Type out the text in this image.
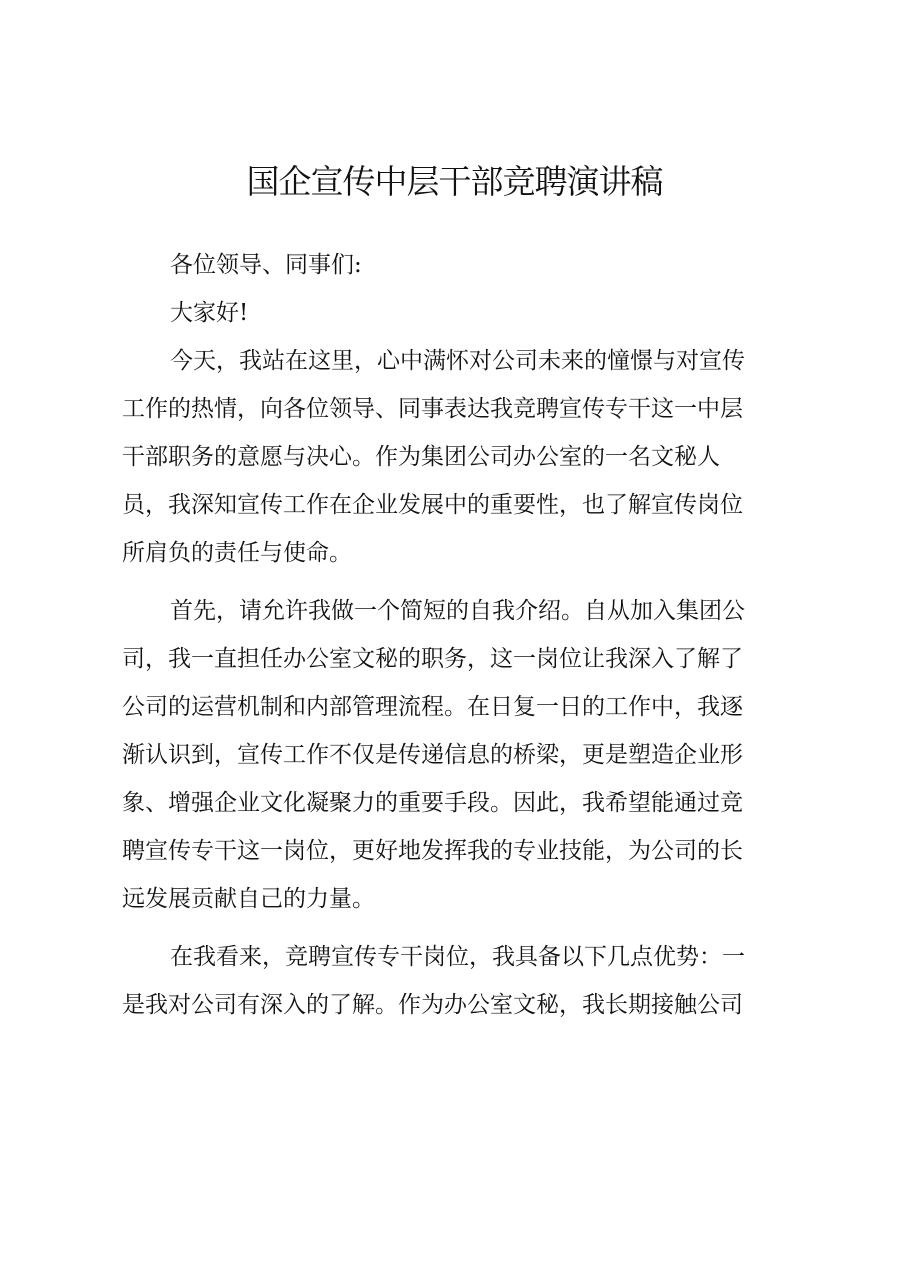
国企宣传中层干部竞聘演讲稿
各位领导、同事们:
大家好!
今天，我站在这里，心中满怀对公司未来的憧憬与对宣传
工作的热情，向各位领导、同事表达我竞聘宣传专干这一中层
干部职务的意愿与决心。作为集团公司办公室的一名文秘人
员，我深知宣传工作在企业发展中的重要性，也了解宣传岗位
所肩负的责任与使命。
首先，请允许我做一个简短的自我介绍。自从加入集团公
司，我一直担任办公室文秘的职务，这一岗位让我深入了解了
公司的运营机制和内部管理流程。在日复一日的工作中，我逐
渐认识到，宣传工作不仅是传递信息的桥梁，更是塑造企业形
象、增强企业文化凝聚力的重要手段。因此，我希望能通过竞
聘宣传专干这一岗位，更好地发挥我的专业技能，为公司的长
远发展贡献自己的力量。
在我看来，竞聘宣传专干岗位，我具备以下几点优势：一
是我对公司有深入的了解。作为办公室文秘，我长期接触公司
